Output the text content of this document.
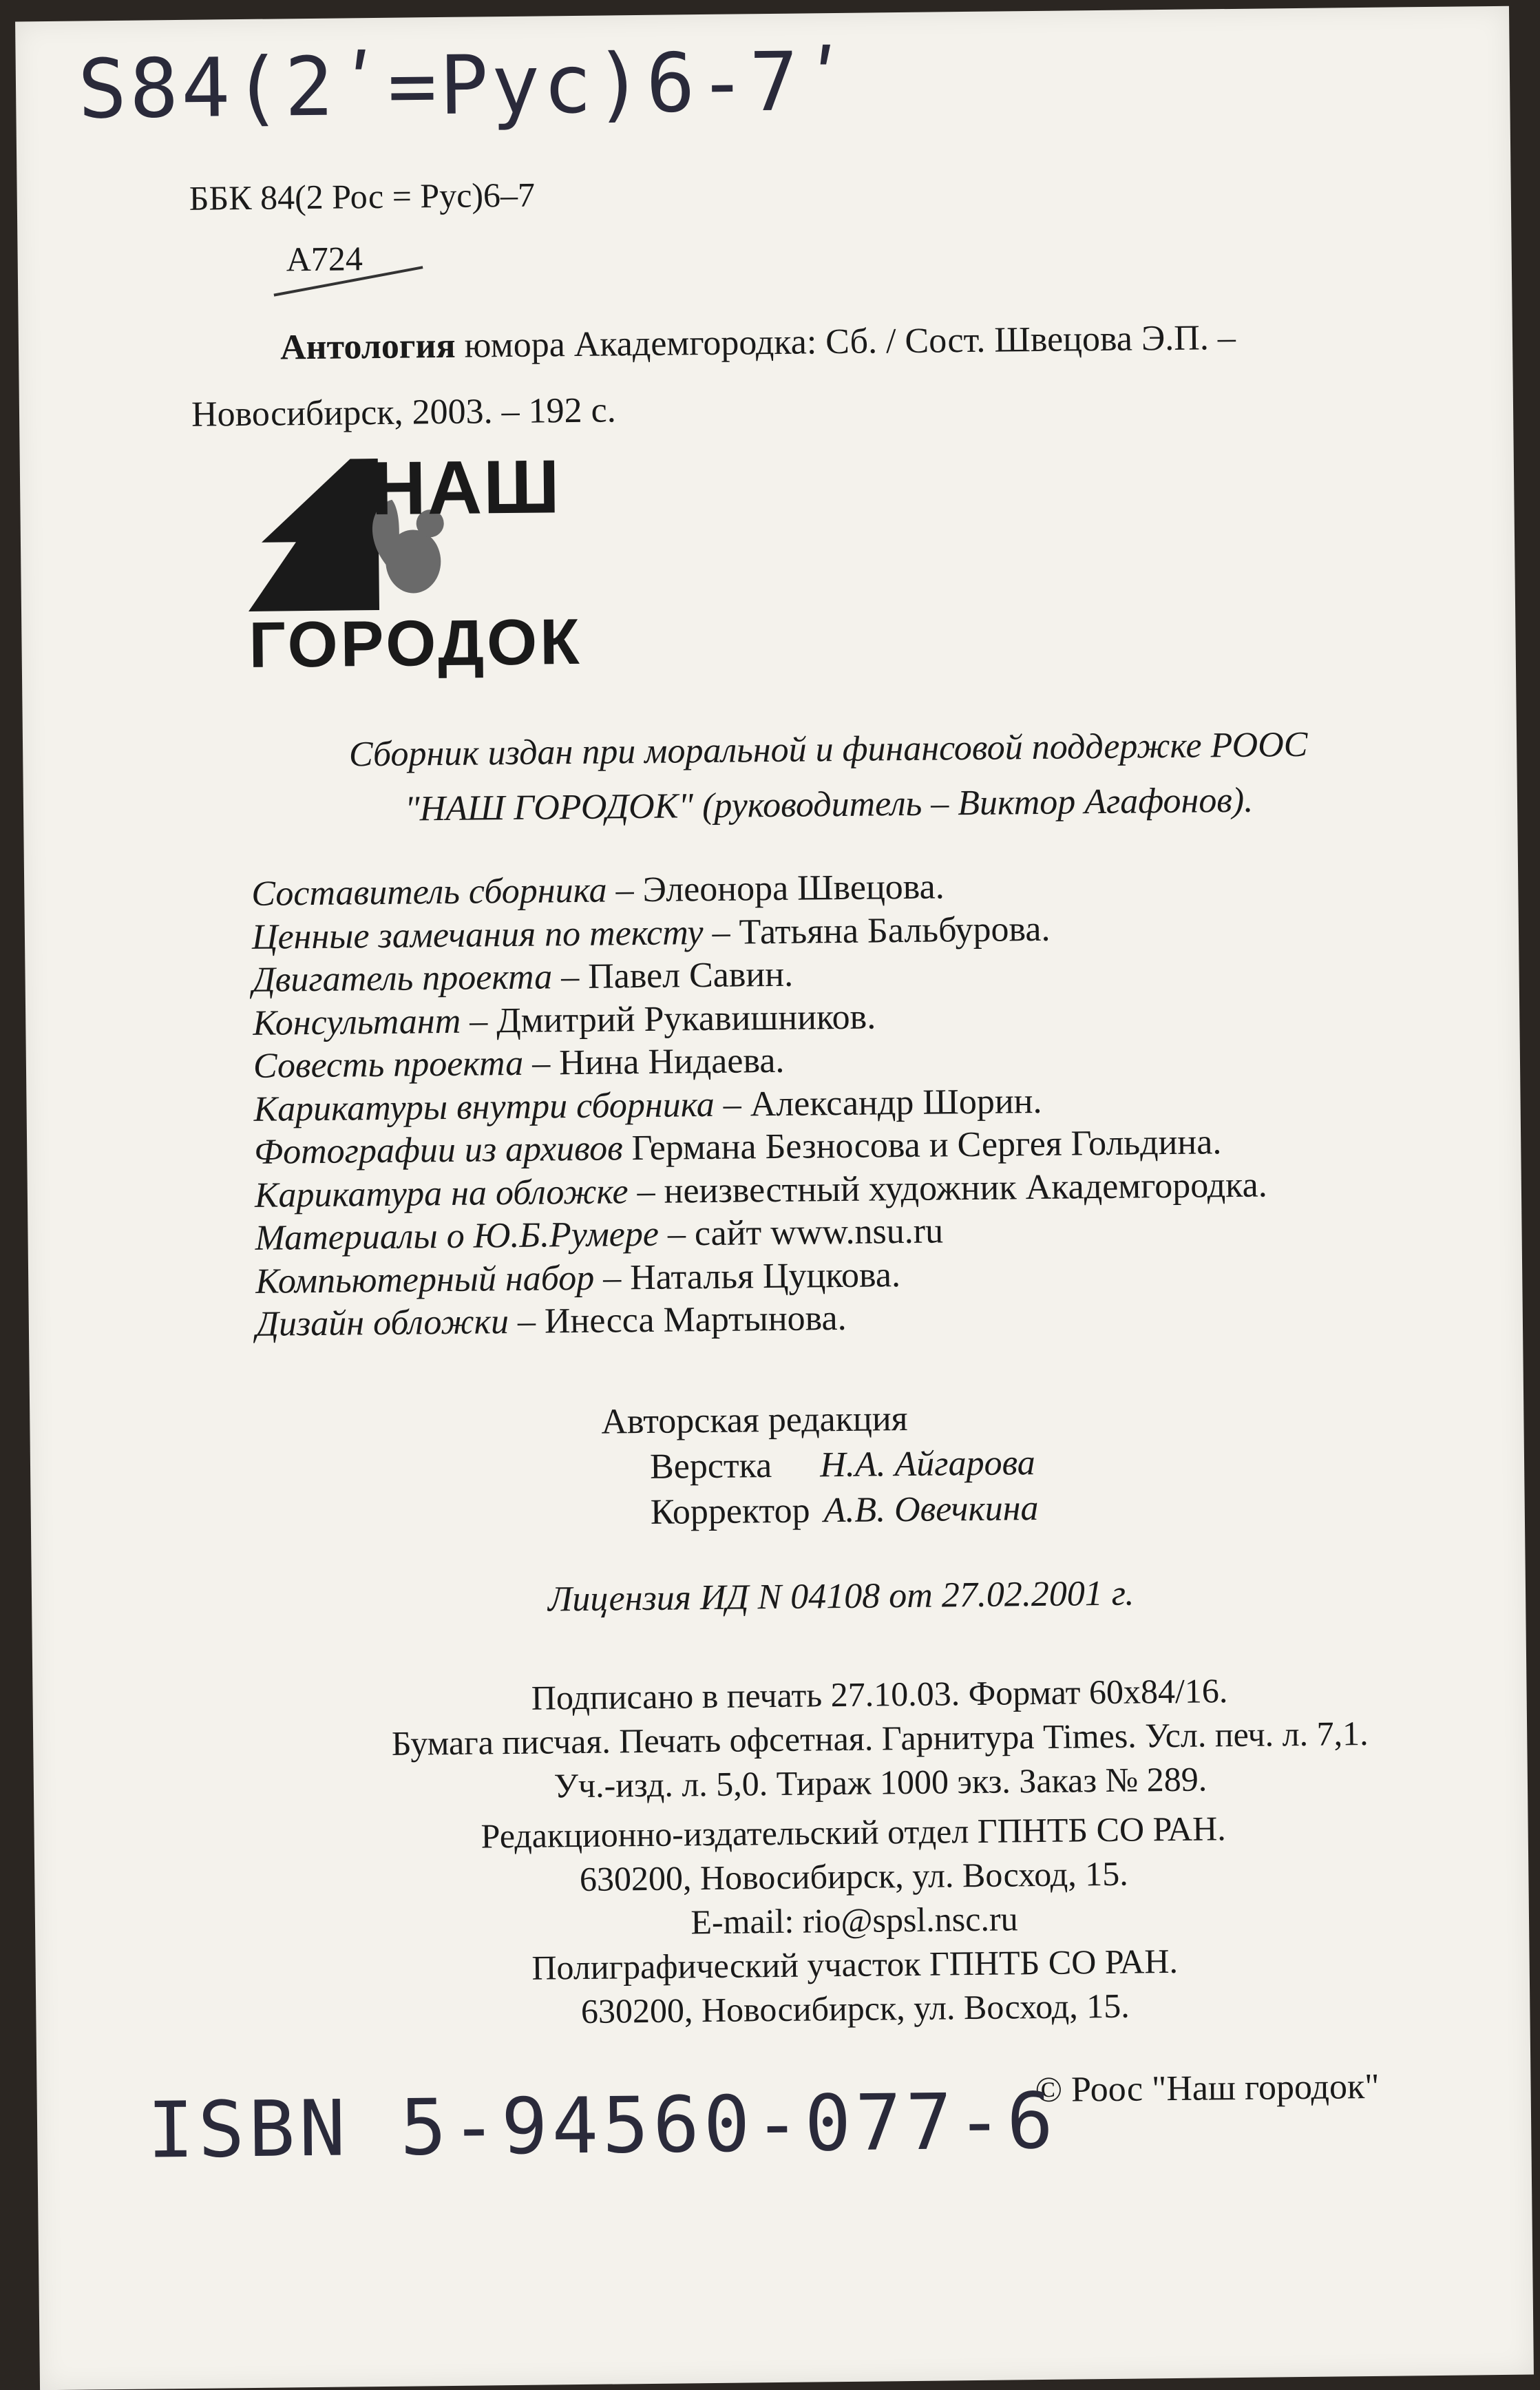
S84(2ʹ=Рус)6-7ʹ
ББК 84(2 Рос = Рус)6–7
А724
Антология юмора Академгородка: Сб. / Сост. Швецова Э.П. – Новосибирск, 2003. – 192 с.
НАШ
ГОРОДОК
Сборник издан при моральной и финансовой поддержке РООС
"НАШ ГОРОДОК" (руководитель – Виктор Агафонов).
Составитель сборника – Элеонора Швецова.
Ценные замечания по тексту – Татьяна Бальбурова.
Двигатель проекта – Павел Савин.
Консультант – Дмитрий Рукавишников.
Совесть проекта – Нина Нидаева.
Карикатуры внутри сборника – Александр Шорин.
Фотографии из архивов Германа Безносова и Сергея Гольдина.
Карикатура на обложке – неизвестный художник Академгородка.
Материалы о Ю.Б.Румере – сайт www.nsu.ru
Компьютерный набор – Наталья Цуцкова.
Дизайн обложки – Инесса Мартынова.
Авторская редакция
Верстка Н.А. Айгарова
Корректор А.В. Овечкина
Лицензия ИД N 04108 от 27.02.2001 г.
Подписано в печать 27.10.03. Формат 60х84/16.
Бумага писчая. Печать офсетная. Гарнитура Times. Усл. печ. л. 7,1.
Уч.-изд. л. 5,0. Тираж 1000 экз. Заказ № 289.
Редакционно-издательский отдел ГПНТБ СО РАН.
630200, Новосибирск, ул. Восход, 15.
E-mail: rio@spsl.nsc.ru
Полиграфический участок ГПНТБ СО РАН.
630200, Новосибирск, ул. Восход, 15.
© Роос "Наш городок"
ISBN 5-94560-077-6
